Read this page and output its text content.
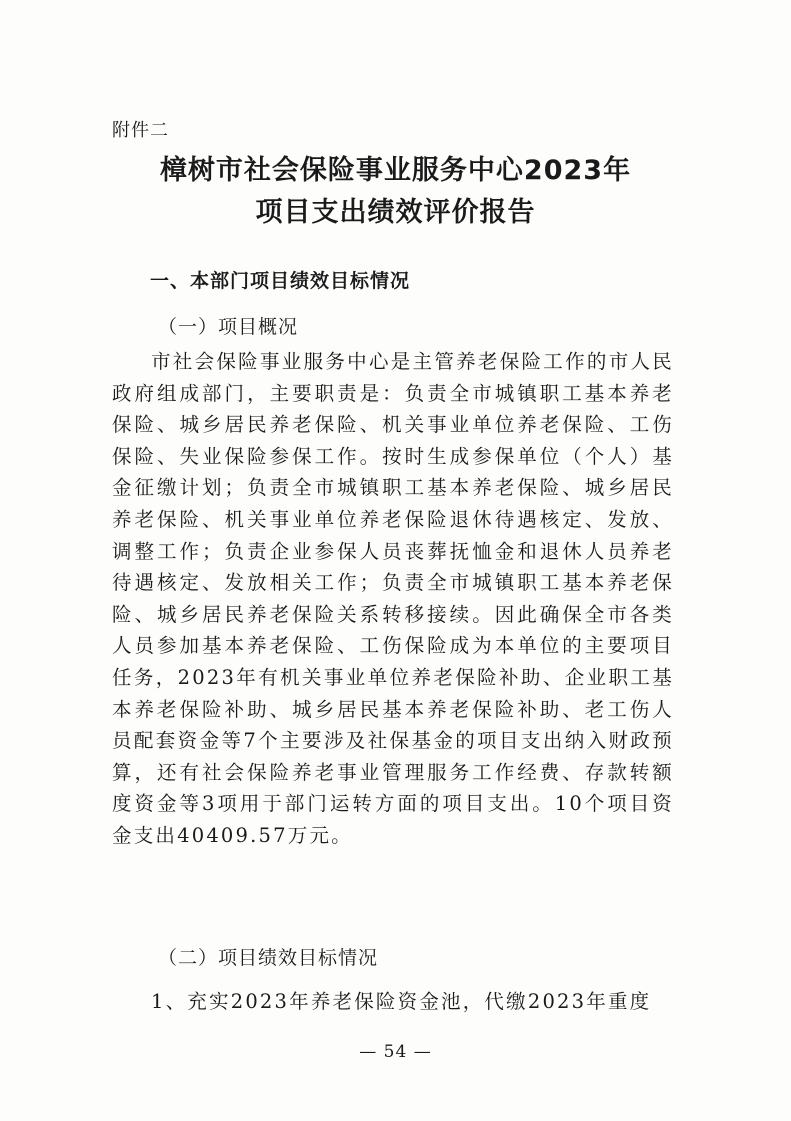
附件二
樟树市社会保险事业服务中心2023年
项目支出绩效评价报告
一、本部门项目绩效目标情况
（一）项目概况

市社会保险事业服务中心是主管养老保险工作的市人民政府组成部门，主要职责是：负责全市城镇职工基本养老保险、城乡居民养老保险、机关事业单位养老保险、工伤保险、失业保险参保工作。按时生成参保单位（个人）基金征缴计划；负责全市城镇职工基本养老保险、城乡居民养老保险、机关事业单位养老保险退休待遇核定、发放、调整工作；负责企业参保人员丧葬抚恤金和退休人员养老待遇核定、发放相关工作；负责全市城镇职工基本养老保险、城乡居民养老保险关系转移接续。因此确保全市各类人员参加基本养老保险、工伤保险成为本单位的主要项目任务，2023年有机关事业单位养老保险补助、企业职工基本养老保险补助、城乡居民基本养老保险补助、老工伤人员配套资金等7个主要涉及社保基金的项目支出纳入财政预算，还有社会保险养老事业管理服务工作经费、存款转额度资金等3项用于部门运转方面的项目支出。10个项目资金支出40409.57万元。

（二）项目绩效目标情况
1、充实2023年养老保险资金池，代缴2023年重度
— 54 —
